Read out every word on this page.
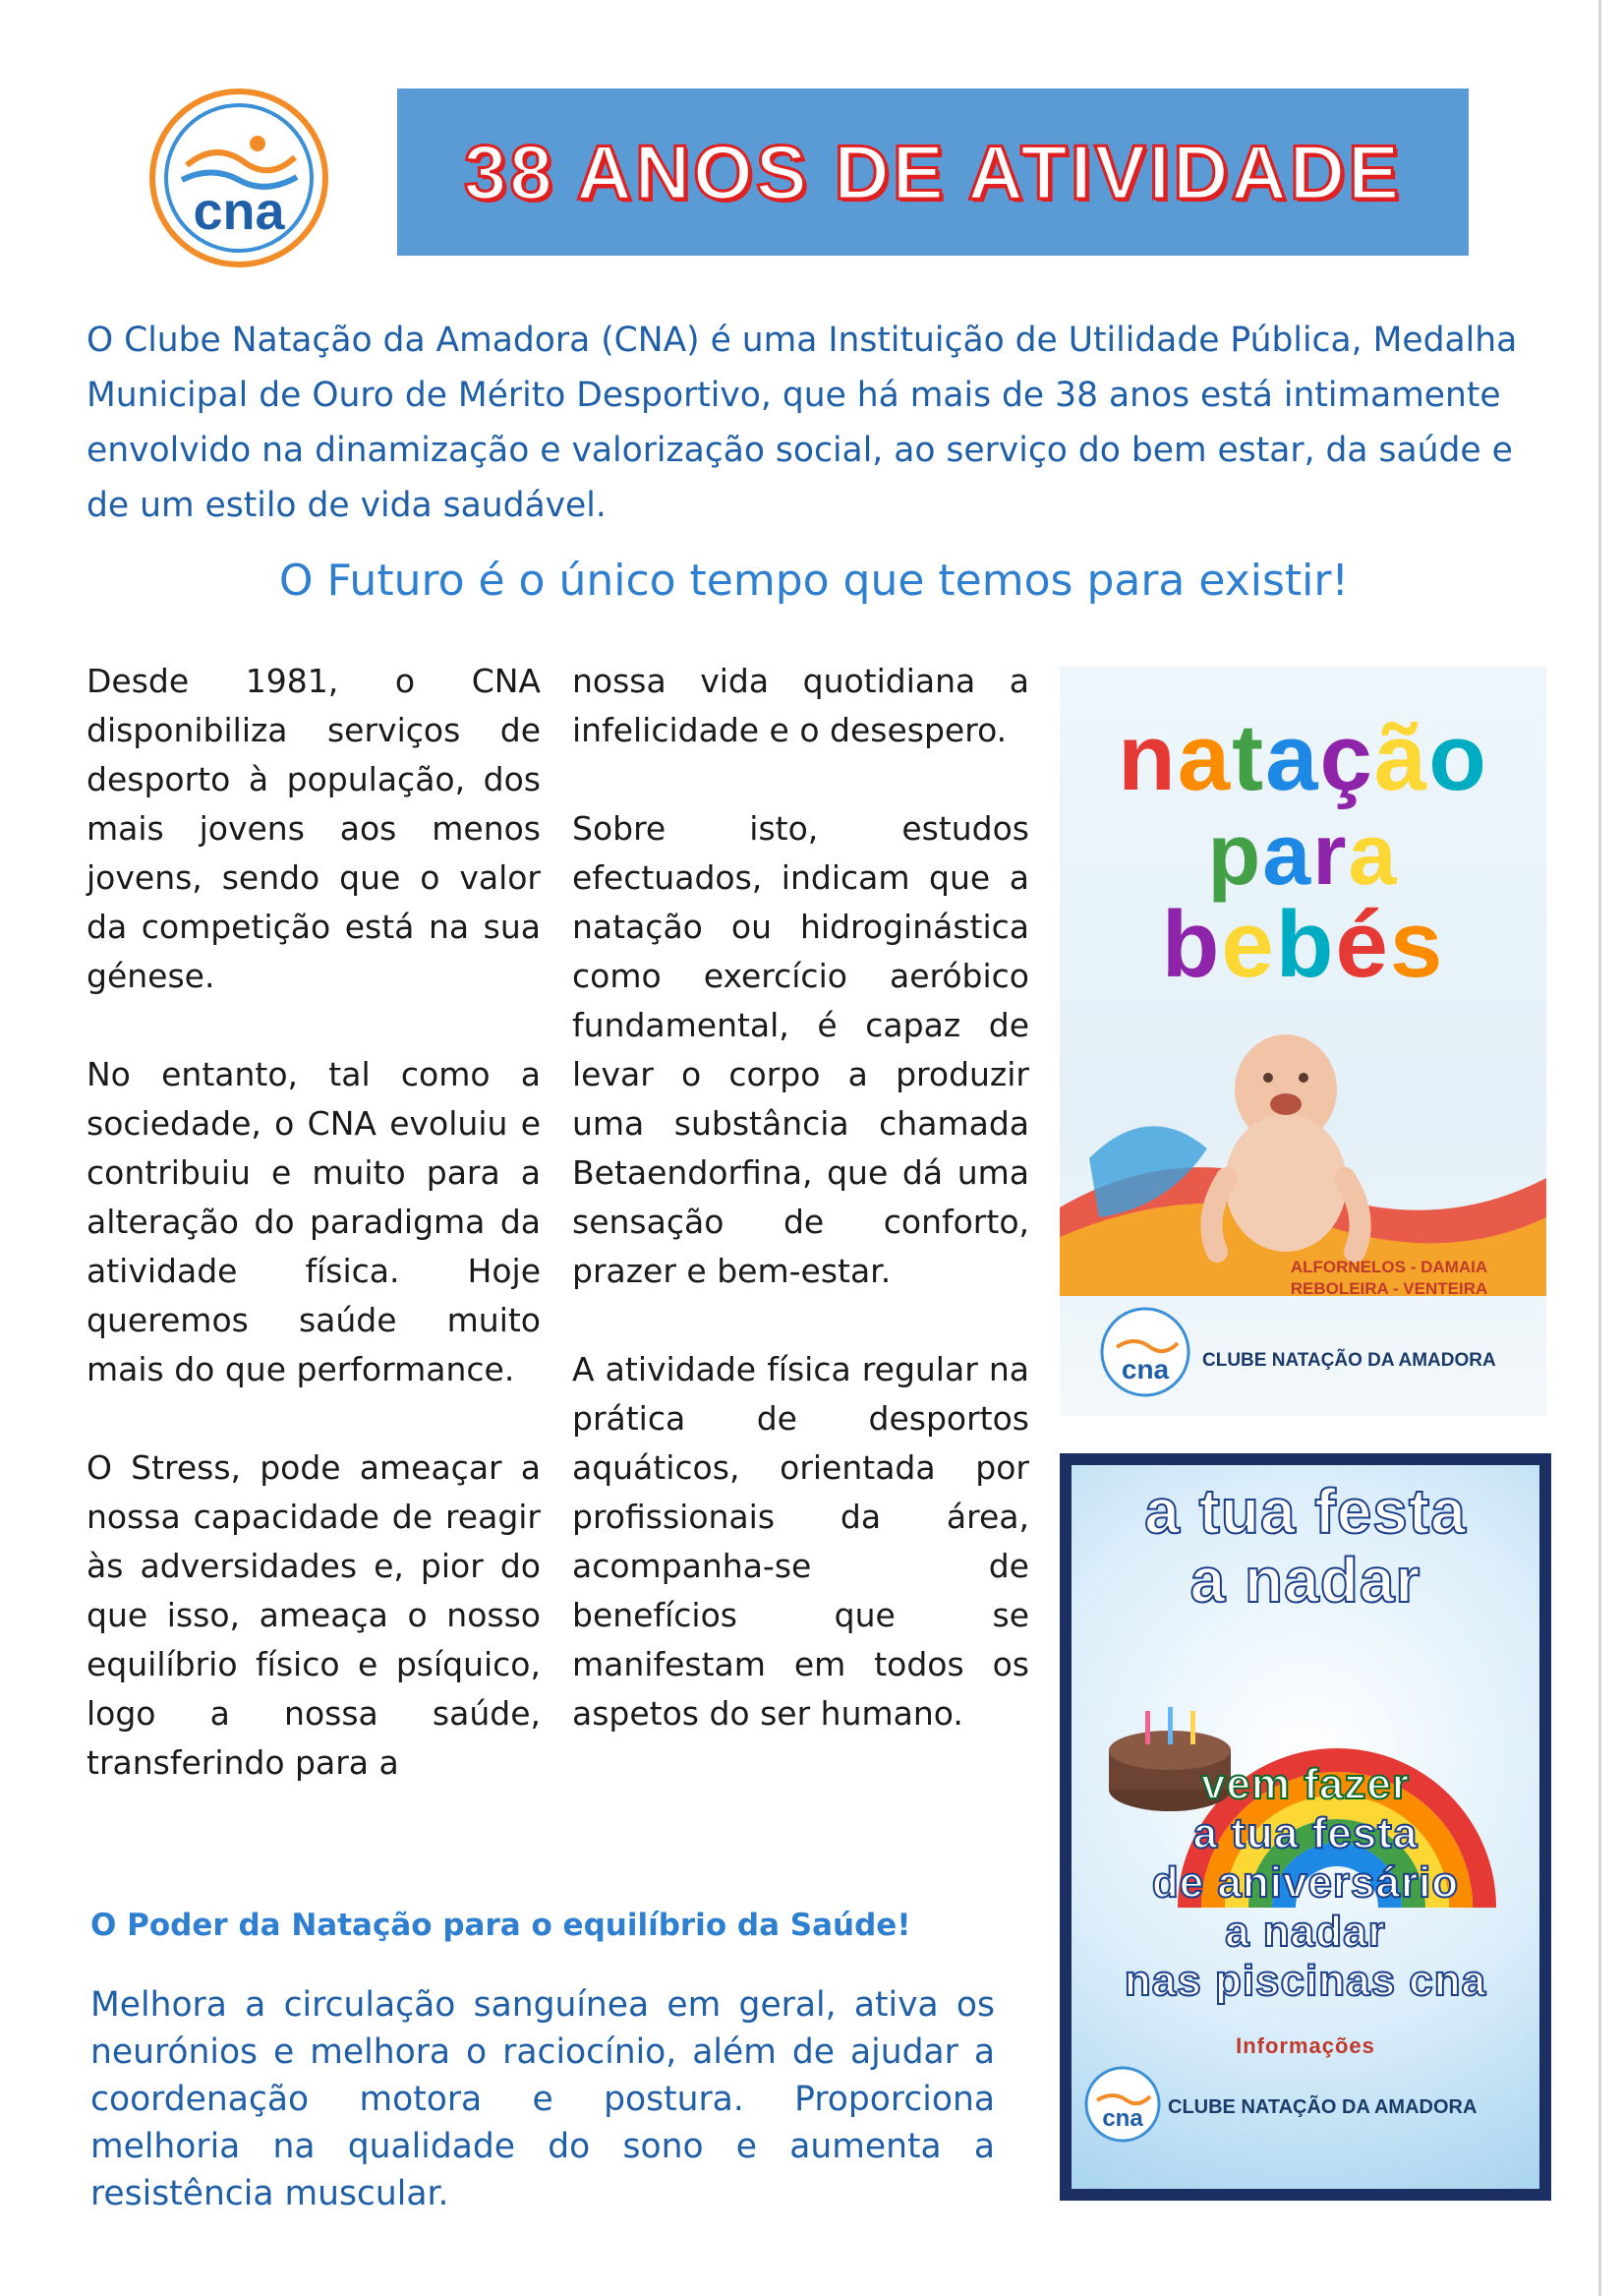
cna 38 ANOS DE ATIVIDADE

O Clube Natação da Amadora (CNA) é uma Instituição de Utilidade Pública, Medalha Municipal de Ouro de Mérito Desportivo, que há mais de 38 anos está intimamente envolvido na dinamização e valorização social, ao serviço do bem estar, da saúde e de um estilo de vida saudável.

O Futuro é o único tempo que temos para existir!

Desde 1981, o CNA disponibiliza serviços de desporto à população, dos mais jovens aos menos jovens, sendo que o valor da competição está na sua génese.

No entanto, tal como a sociedade, o CNA evoluiu e contribuiu e muito para a alteração do paradigma da atividade física. Hoje queremos saúde muito mais do que performance.

O Stress, pode ameaçar a nossa capacidade de reagir às adversidades e, pior do que isso, ameaça o nosso equilíbrio físico e psíquico, logo a nossa saúde, transferindo para a

nossa vida quotidiana a infelicidade e o desespero.

Sobre isto, estudos efectuados, indicam que a natação ou hidroginástica como exercício aeróbico fundamental, é capaz de levar o corpo a produzir uma substância chamada Betaendorfina, que dá uma sensação de conforto, prazer e bem-estar.

A atividade física regular na prática de desportos aquáticos, orientada por profissionais da área, acompanha-se de benefícios que se manifestam em todos os aspetos do ser humano.

natação
para
bebés
ALFORNELOS - DAMAIA
REBOLEIRA - VENTEIRA
cna CLUBE NATAÇÃO DA AMADORA
a tua festa
a nadar
vem fazer
a tua festa
de aniversário
a nadar
nas piscinas cna
Informações
cna CLUBE NATAÇÃO DA AMADORA

O Poder da Natação para o equilíbrio da Saúde!

Melhora a circulação sanguínea em geral, ativa os neurónios e melhora o raciocínio, além de ajudar a coordenação motora e postura. Proporciona melhoria na qualidade do sono e aumenta a resistência muscular.
